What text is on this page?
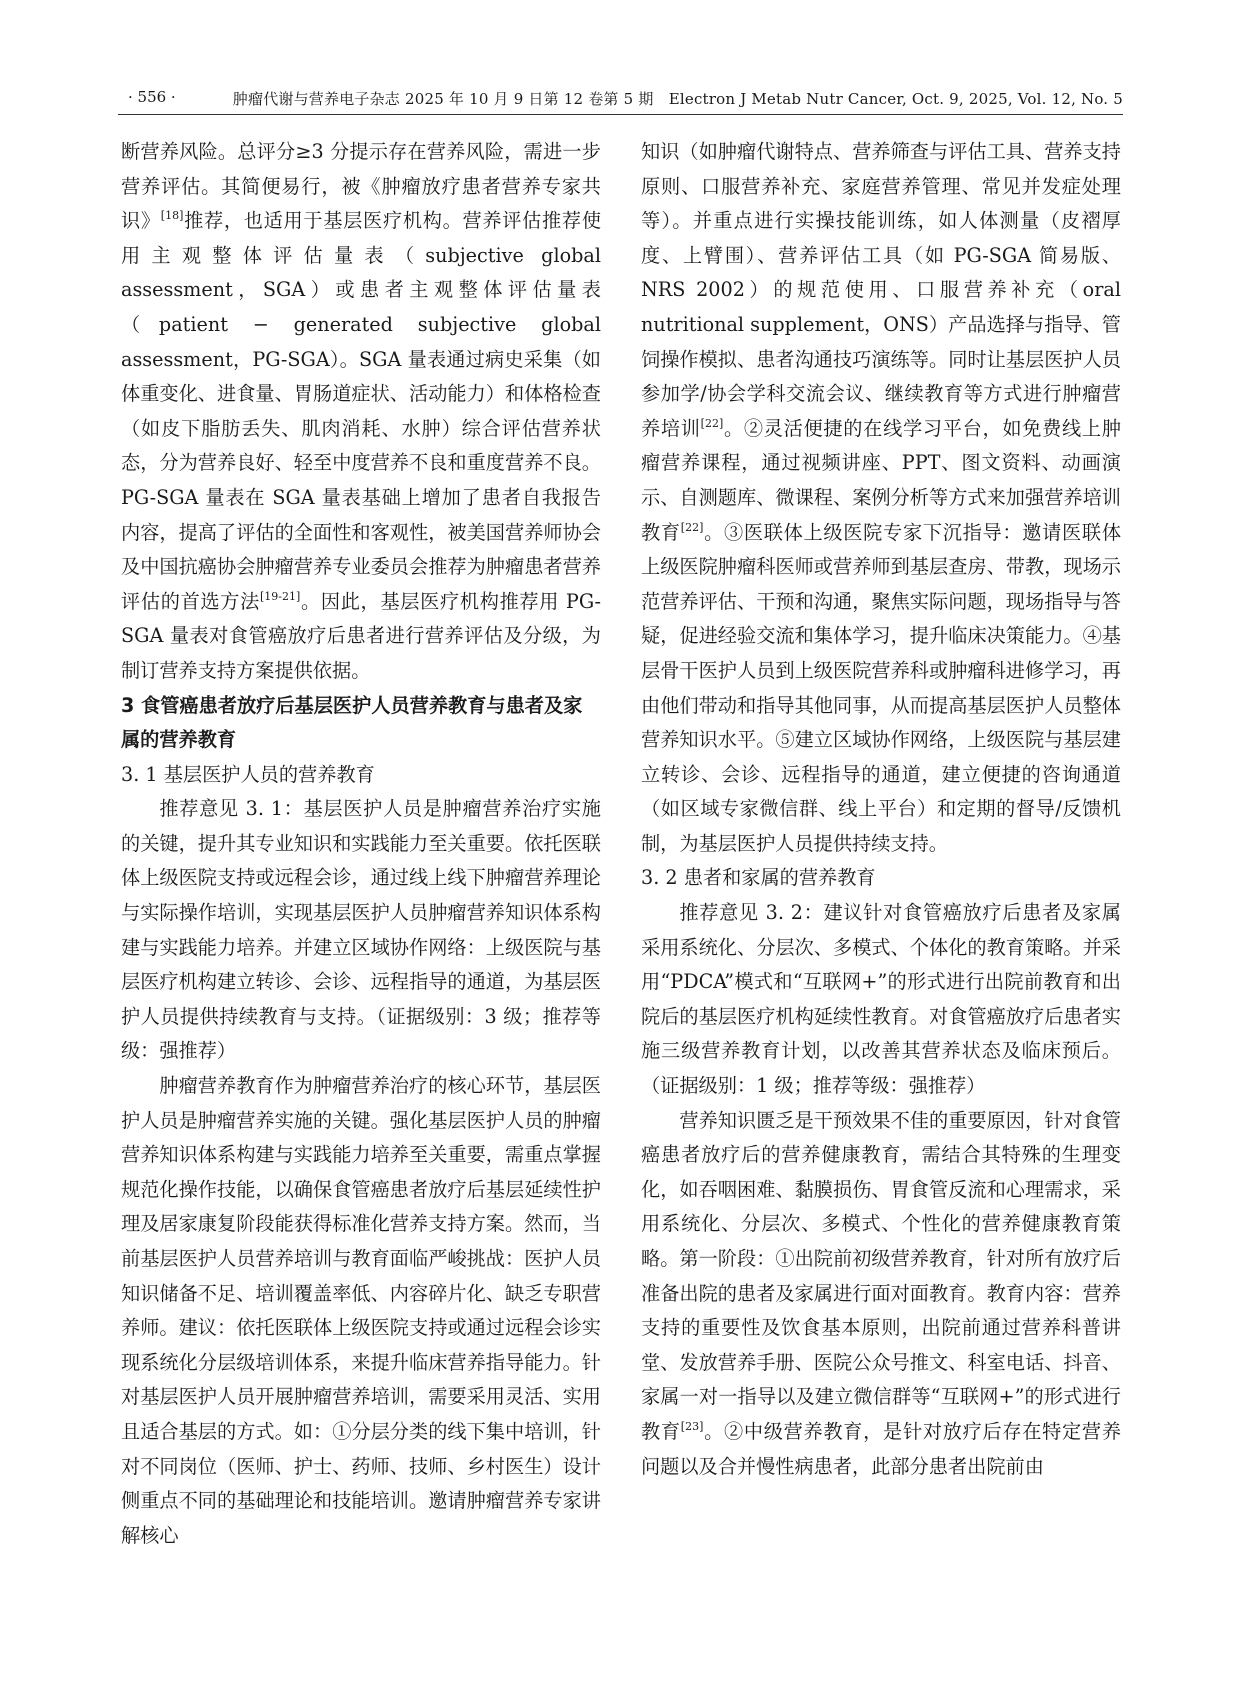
· 556 ·	肿瘤代谢与营养电子杂志 2025 年 10 月 9 日第 12 卷第 5 期　Electron J Metab Nutr Cancer, Oct. 9, 2025, Vol. 12, No. 5

断营养风险。总评分≥3 分提示存在营养风险，需进一步营养评估。其简便易行，被《肿瘤放疗患者营养专家共识》[18]推荐，也适用于基层医疗机构。营养评估推荐使用主观整体评估量表（subjective global assessment，SGA）或患者主观整体评估量表（patient − generated subjective global assessment，PG-SGA）。SGA 量表通过病史采集（如体重变化、进食量、胃肠道症状、活动能力）和体格检查（如皮下脂肪丢失、肌肉消耗、水肿）综合评估营养状态，分为营养良好、轻至中度营养不良和重度营养不良。PG-SGA 量表在 SGA 量表基础上增加了患者自我报告内容，提高了评估的全面性和客观性，被美国营养师协会及中国抗癌协会肿瘤营养专业委员会推荐为肿瘤患者营养评估的首选方法[19-21]。因此，基层医疗机构推荐用 PG-SGA 量表对食管癌放疗后患者进行营养评估及分级，为制订营养支持方案提供依据。

3 食管癌患者放疗后基层医护人员营养教育与患者及家属的营养教育
3. 1 基层医护人员的营养教育

推荐意见 3. 1：基层医护人员是肿瘤营养治疗实施的关键，提升其专业知识和实践能力至关重要。依托医联体上级医院支持或远程会诊，通过线上线下肿瘤营养理论与实际操作培训，实现基层医护人员肿瘤营养知识体系构建与实践能力培养。并建立区域协作网络：上级医院与基层医疗机构建立转诊、会诊、远程指导的通道，为基层医护人员提供持续教育与支持。（证据级别：3 级；推荐等级：强推荐）

肿瘤营养教育作为肿瘤营养治疗的核心环节，基层医护人员是肿瘤营养实施的关键。强化基层医护人员的肿瘤营养知识体系构建与实践能力培养至关重要，需重点掌握规范化操作技能，以确保食管癌患者放疗后基层延续性护理及居家康复阶段能获得标准化营养支持方案。然而，当前基层医护人员营养培训与教育面临严峻挑战：医护人员知识储备不足、培训覆盖率低、内容碎片化、缺乏专职营养师。建议：依托医联体上级医院支持或通过远程会诊实现系统化分层级培训体系，来提升临床营养指导能力。针对基层医护人员开展肿瘤营养培训，需要采用灵活、实用且适合基层的方式。如：①分层分类的线下集中培训，针对不同岗位（医师、护士、药师、技师、乡村医生）设计侧重点不同的基础理论和技能培训。邀请肿瘤营养专家讲解核心

知识（如肿瘤代谢特点、营养筛查与评估工具、营养支持原则、口服营养补充、家庭营养管理、常见并发症处理等）。并重点进行实操技能训练，如人体测量（皮褶厚度、上臂围）、营养评估工具（如 PG-SGA 简易版、NRS 2002）的规范使用、口服营养补充（oral nutritional supplement，ONS）产品选择与指导、管饲操作模拟、患者沟通技巧演练等。同时让基层医护人员参加学/协会学科交流会议、继续教育等方式进行肿瘤营养培训[22]。②灵活便捷的在线学习平台，如免费线上肿瘤营养课程，通过视频讲座、PPT、图文资料、动画演示、自测题库、微课程、案例分析等方式来加强营养培训教育[22]。③医联体上级医院专家下沉指导：邀请医联体上级医院肿瘤科医师或营养师到基层查房、带教，现场示范营养评估、干预和沟通，聚焦实际问题，现场指导与答疑，促进经验交流和集体学习，提升临床决策能力。④基层骨干医护人员到上级医院营养科或肿瘤科进修学习，再由他们带动和指导其他同事，从而提高基层医护人员整体营养知识水平。⑤建立区域协作网络，上级医院与基层建立转诊、会诊、远程指导的通道，建立便捷的咨询通道（如区域专家微信群、线上平台）和定期的督导/反馈机制，为基层医护人员提供持续支持。

3. 2 患者和家属的营养教育

推荐意见 3. 2：建议针对食管癌放疗后患者及家属采用系统化、分层次、多模式、个体化的教育策略。并采用“PDCA”模式和“互联网+”的形式进行出院前教育和出院后的基层医疗机构延续性教育。对食管癌放疗后患者实施三级营养教育计划，以改善其营养状态及临床预后。（证据级别：1 级；推荐等级：强推荐）

营养知识匮乏是干预效果不佳的重要原因，针对食管癌患者放疗后的营养健康教育，需结合其特殊的生理变化，如吞咽困难、黏膜损伤、胃食管反流和心理需求，采用系统化、分层次、多模式、个性化的营养健康教育策略。第一阶段：①出院前初级营养教育，针对所有放疗后准备出院的患者及家属进行面对面教育。教育内容：营养支持的重要性及饮食基本原则，出院前通过营养科普讲堂、发放营养手册、医院公众号推文、科室电话、抖音、家属一对一指导以及建立微信群等“互联网+”的形式进行教育[23]。②中级营养教育，是针对放疗后存在特定营养问题以及合并慢性病患者，此部分患者出院前由
